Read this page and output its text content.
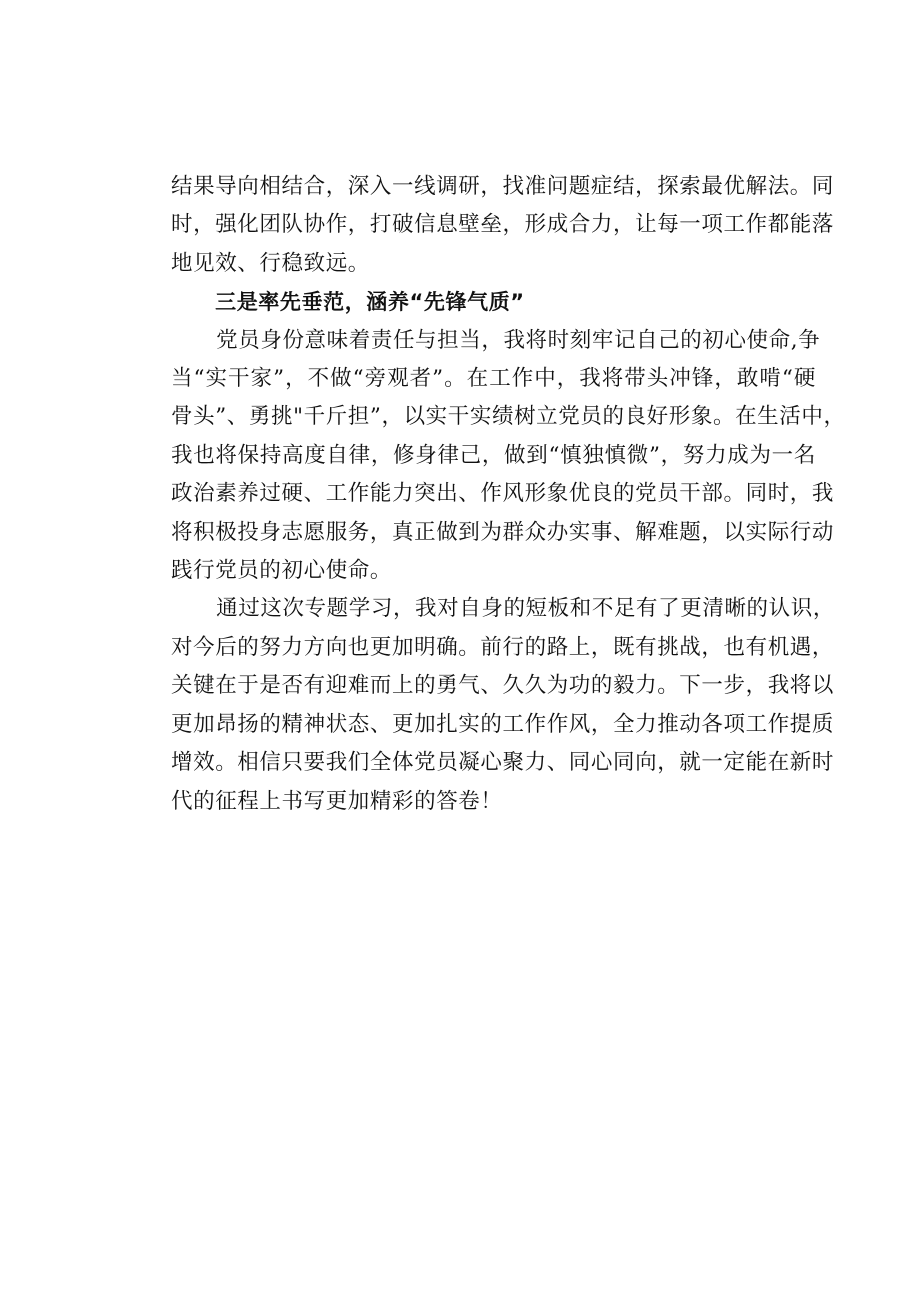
结果导向相结合，深入一线调研，找准问题症结，探索最优解法。同
时，强化团队协作，打破信息壁垒，形成合力，让每一项工作都能落
地见效、行稳致远。
三是率先垂范，涵养“先锋气质”
党员身份意味着责任与担当，我将时刻牢记自己的初心使命,争
当“实干家”，不做“旁观者”。在工作中，我将带头冲锋，敢啃“硬
骨头”、勇挑"千斤担”，以实干实绩树立党员的良好形象。在生活中，
我也将保持高度自律，修身律己，做到“慎独慎微”，努力成为一名
政治素养过硬、工作能力突出、作风形象优良的党员干部。同时，我
将积极投身志愿服务，真正做到为群众办实事、解难题，以实际行动
践行党员的初心使命。
通过这次专题学习，我对自身的短板和不足有了更清晰的认识，
对今后的努力方向也更加明确。前行的路上，既有挑战，也有机遇，
关键在于是否有迎难而上的勇气、久久为功的毅力。下一步，我将以
更加昂扬的精神状态、更加扎实的工作作风，全力推动各项工作提质
增效。相信只要我们全体党员凝心聚力、同心同向，就一定能在新时
代的征程上书写更加精彩的答卷！
